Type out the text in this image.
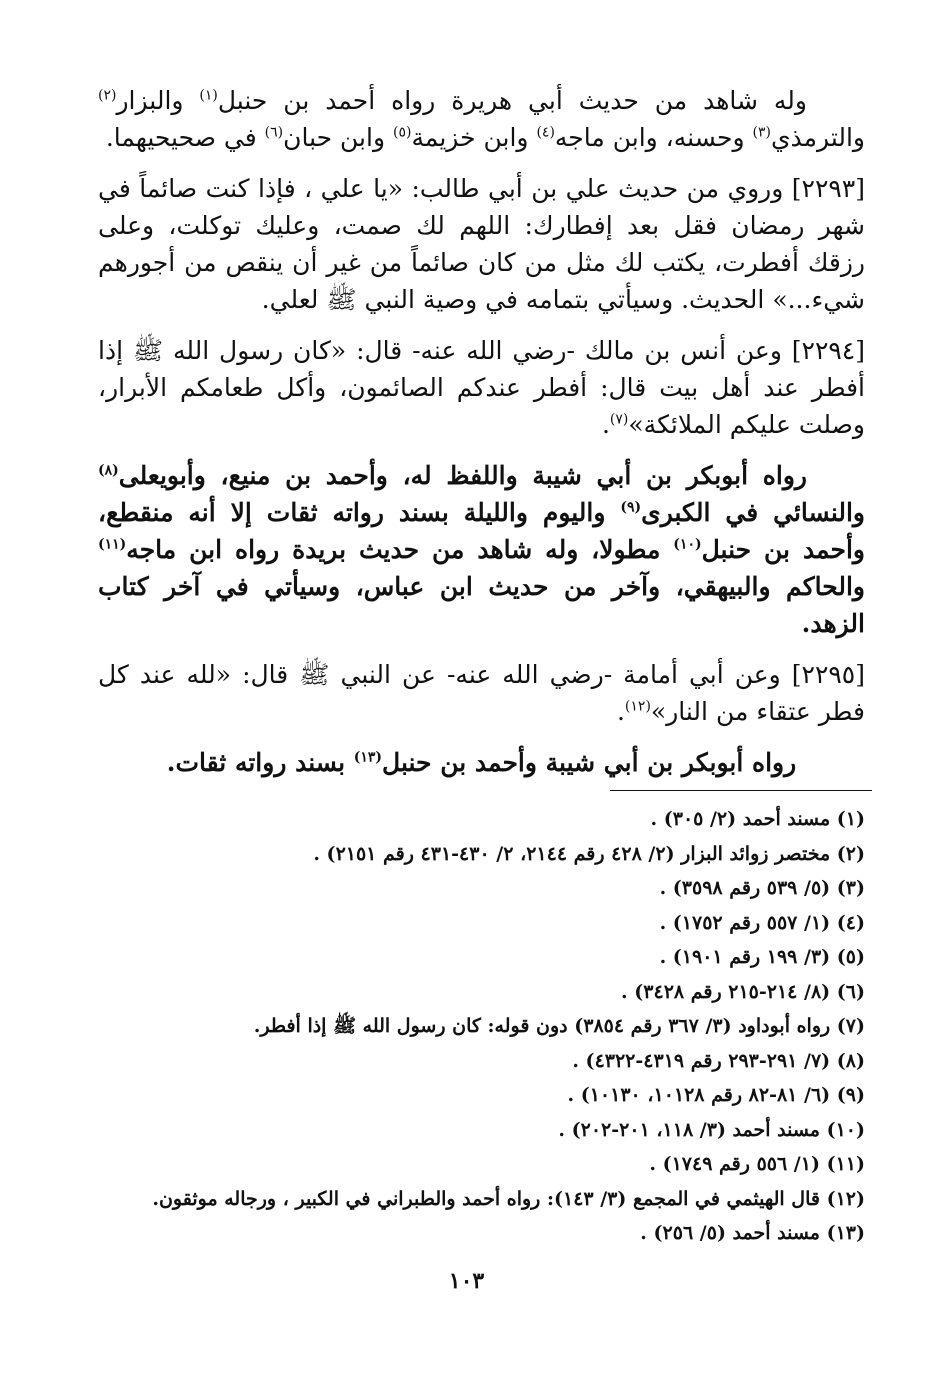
وله شاهد من حديث أبي هريرة رواه أحمد بن حنبل$^{(١)}$ والبزار$^{(٢)}$ والترمذي$^{(٣)}$ وحسنه، وابن ماجه$^{(٤)}$ وابن خزيمة$^{(٥)}$ وابن حبان$^{(٦)}$ في صحيحيهما.

[٢٢٩٣] وروي من حديث علي بن أبي طالب: «يا علي ، فإذا كنت صائماً في شهر رمضان فقل بعد إفطارك: اللهم لك صمت، وعليك توكلت، وعلى رزقك أفطرت، يكتب لك مثل من كان صائماً من غير أن ينقص من أجورهم شيء...» الحديث. وسيأتي بتمامه في وصية النبي ﷺ لعلي.

[٢٢٩٤] وعن أنس بن مالك -رضي الله عنه- قال: «كان رسول الله ﷺ إذا أفطر عند أهل بيت قال: أفطر عندكم الصائمون، وأكل طعامكم الأبرار، وصلت عليكم الملائكة»$^{(٧)}$.

رواه أبوبكر بن أبي شيبة واللفظ له، وأحمد بن منيع، وأبويعلى$^{(٨)}$ والنسائي في الكبرى$^{(٩)}$ واليوم والليلة بسند رواته ثقات إلا أنه منقطع، وأحمد بن حنبل$^{(١٠)}$ مطولا، وله شاهد من حديث بريدة رواه ابن ماجه$^{(١١)}$ والحاكم والبيهقي، وآخر من حديث ابن عباس، وسيأتي في آخر كتاب الزهد.

[٢٢٩٥] وعن أبي أمامة -رضي الله عنه- عن النبي ﷺ قال: «لله عند كل فطر عتقاء من النار»$^{(١٢)}$.

رواه أبوبكر بن أبي شيبة وأحمد بن حنبل$^{(١٣)}$ بسند رواته ثقات.

(١) مسند أحمد (٢/ ٣٠٥) .

(٢) مختصر زوائد البزار (٢/ ٤٢٨ رقم ٢١٤٤، ٢/ ٤٣٠-٤٣١ رقم ٢١٥١) .

(٣) (٥/ ٥٣٩ رقم ٣٥٩٨) .

(٤) (١/ ٥٥٧ رقم ١٧٥٢) .

(٥) (٣/ ١٩٩ رقم ١٩٠١) .

(٦) (٨/ ٢١٤-٢١٥ رقم ٣٤٢٨) .

(٧) رواه أبوداود (٣/ ٣٦٧ رقم ٣٨٥٤) دون قوله: كان رسول الله ﷺ إذا أفطر.

(٨) (٧/ ٢٩١-٢٩٣ رقم ٤٣١٩-٤٣٢٢) .

(٩) (٦/ ٨١-٨٢ رقم ١٠١٢٨، ١٠١٣٠) .

(١٠) مسند أحمد (٣/ ١١٨، ٢٠١-٢٠٢) .

(١١) (١/ ٥٥٦ رقم ١٧٤٩) .

(١٢) قال الهيثمي في المجمع (٣/ ١٤٣): رواه أحمد والطبراني في الكبير ، ورجاله موثقون.

(١٣) مسند أحمد (٥/ ٢٥٦) .

١٠٣
